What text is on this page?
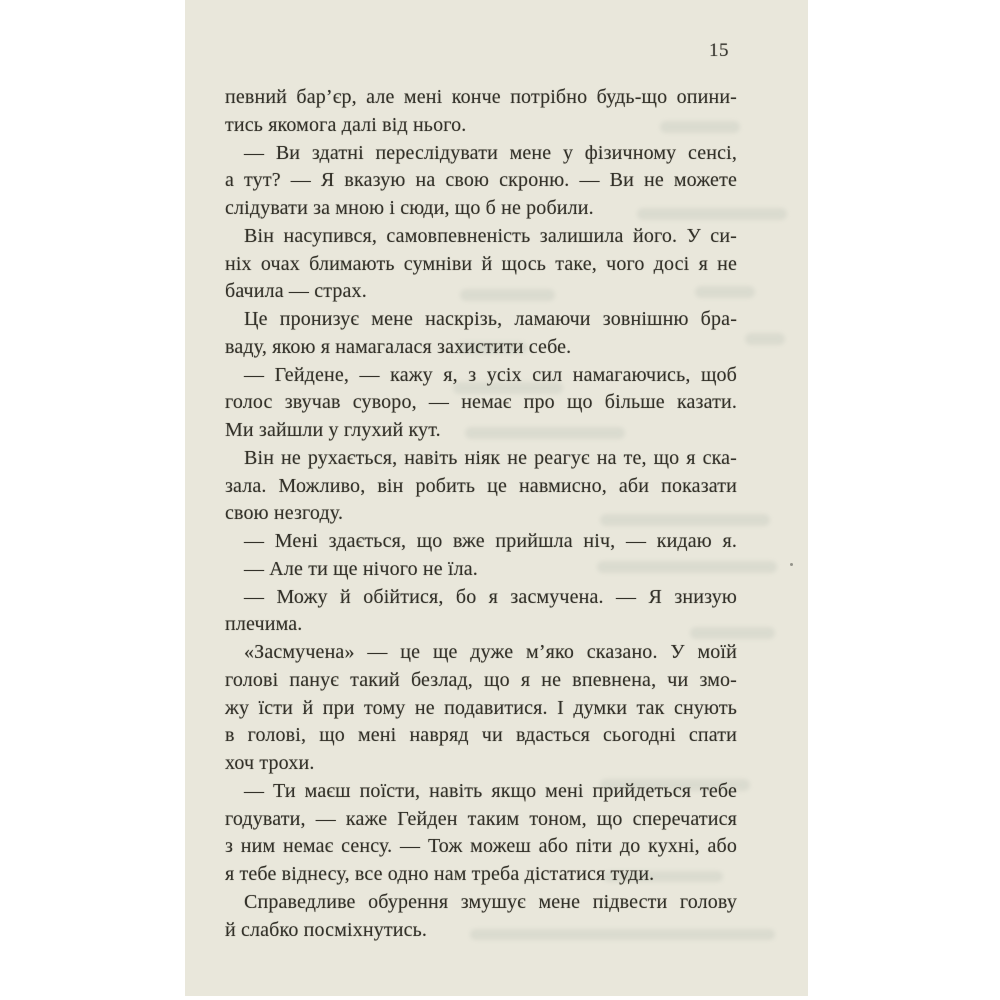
15
певний бар’єр, але мені конче потрібно будь-що опини-
тись якомога далі від нього.
— Ви здатні переслідувати мене у фізичному сенсі,
а тут? — Я вказую на свою скроню. — Ви не можете
слідувати за мною і сюди, що б не робили.
Він насупився, самовпевненість залишила його. У си-
ніх очах блимають сумніви й щось таке, чого досі я не
бачила — страх.
Це пронизує мене наскрізь, ламаючи зовнішню бра-
ваду, якою я намагалася захистити себе.
— Гейдене, — кажу я, з усіх сил намагаючись, щоб
голос звучав суворо, — немає про що більше казати.
Ми зайшли у глухий кут.
Він не рухається, навіть ніяк не реагує на те, що я ска-
зала. Можливо, він робить це навмисно, аби показати
свою незгоду.
— Мені здається, що вже прийшла ніч, — кидаю я.
— Але ти ще нічого не їла.
— Можу й обійтися, бо я засмучена. — Я знизую
плечима.
«Засмучена» — це ще дуже м’яко сказано. У моїй
голові панує такий безлад, що я не впевнена, чи змо-
жу їсти й при тому не подавитися. І думки так снують
в голові, що мені навряд чи вдасться сьогодні спати
хоч трохи.
— Ти маєш поїсти, навіть якщо мені прийдеться тебе
годувати, — каже Гейден таким тоном, що сперечатися
з ним немає сенсу. — Тож можеш або піти до кухні, або
я тебе віднесу, все одно нам треба дістатися туди.
Справедливе обурення змушує мене підвести голову
й слабко посміхнутись.
